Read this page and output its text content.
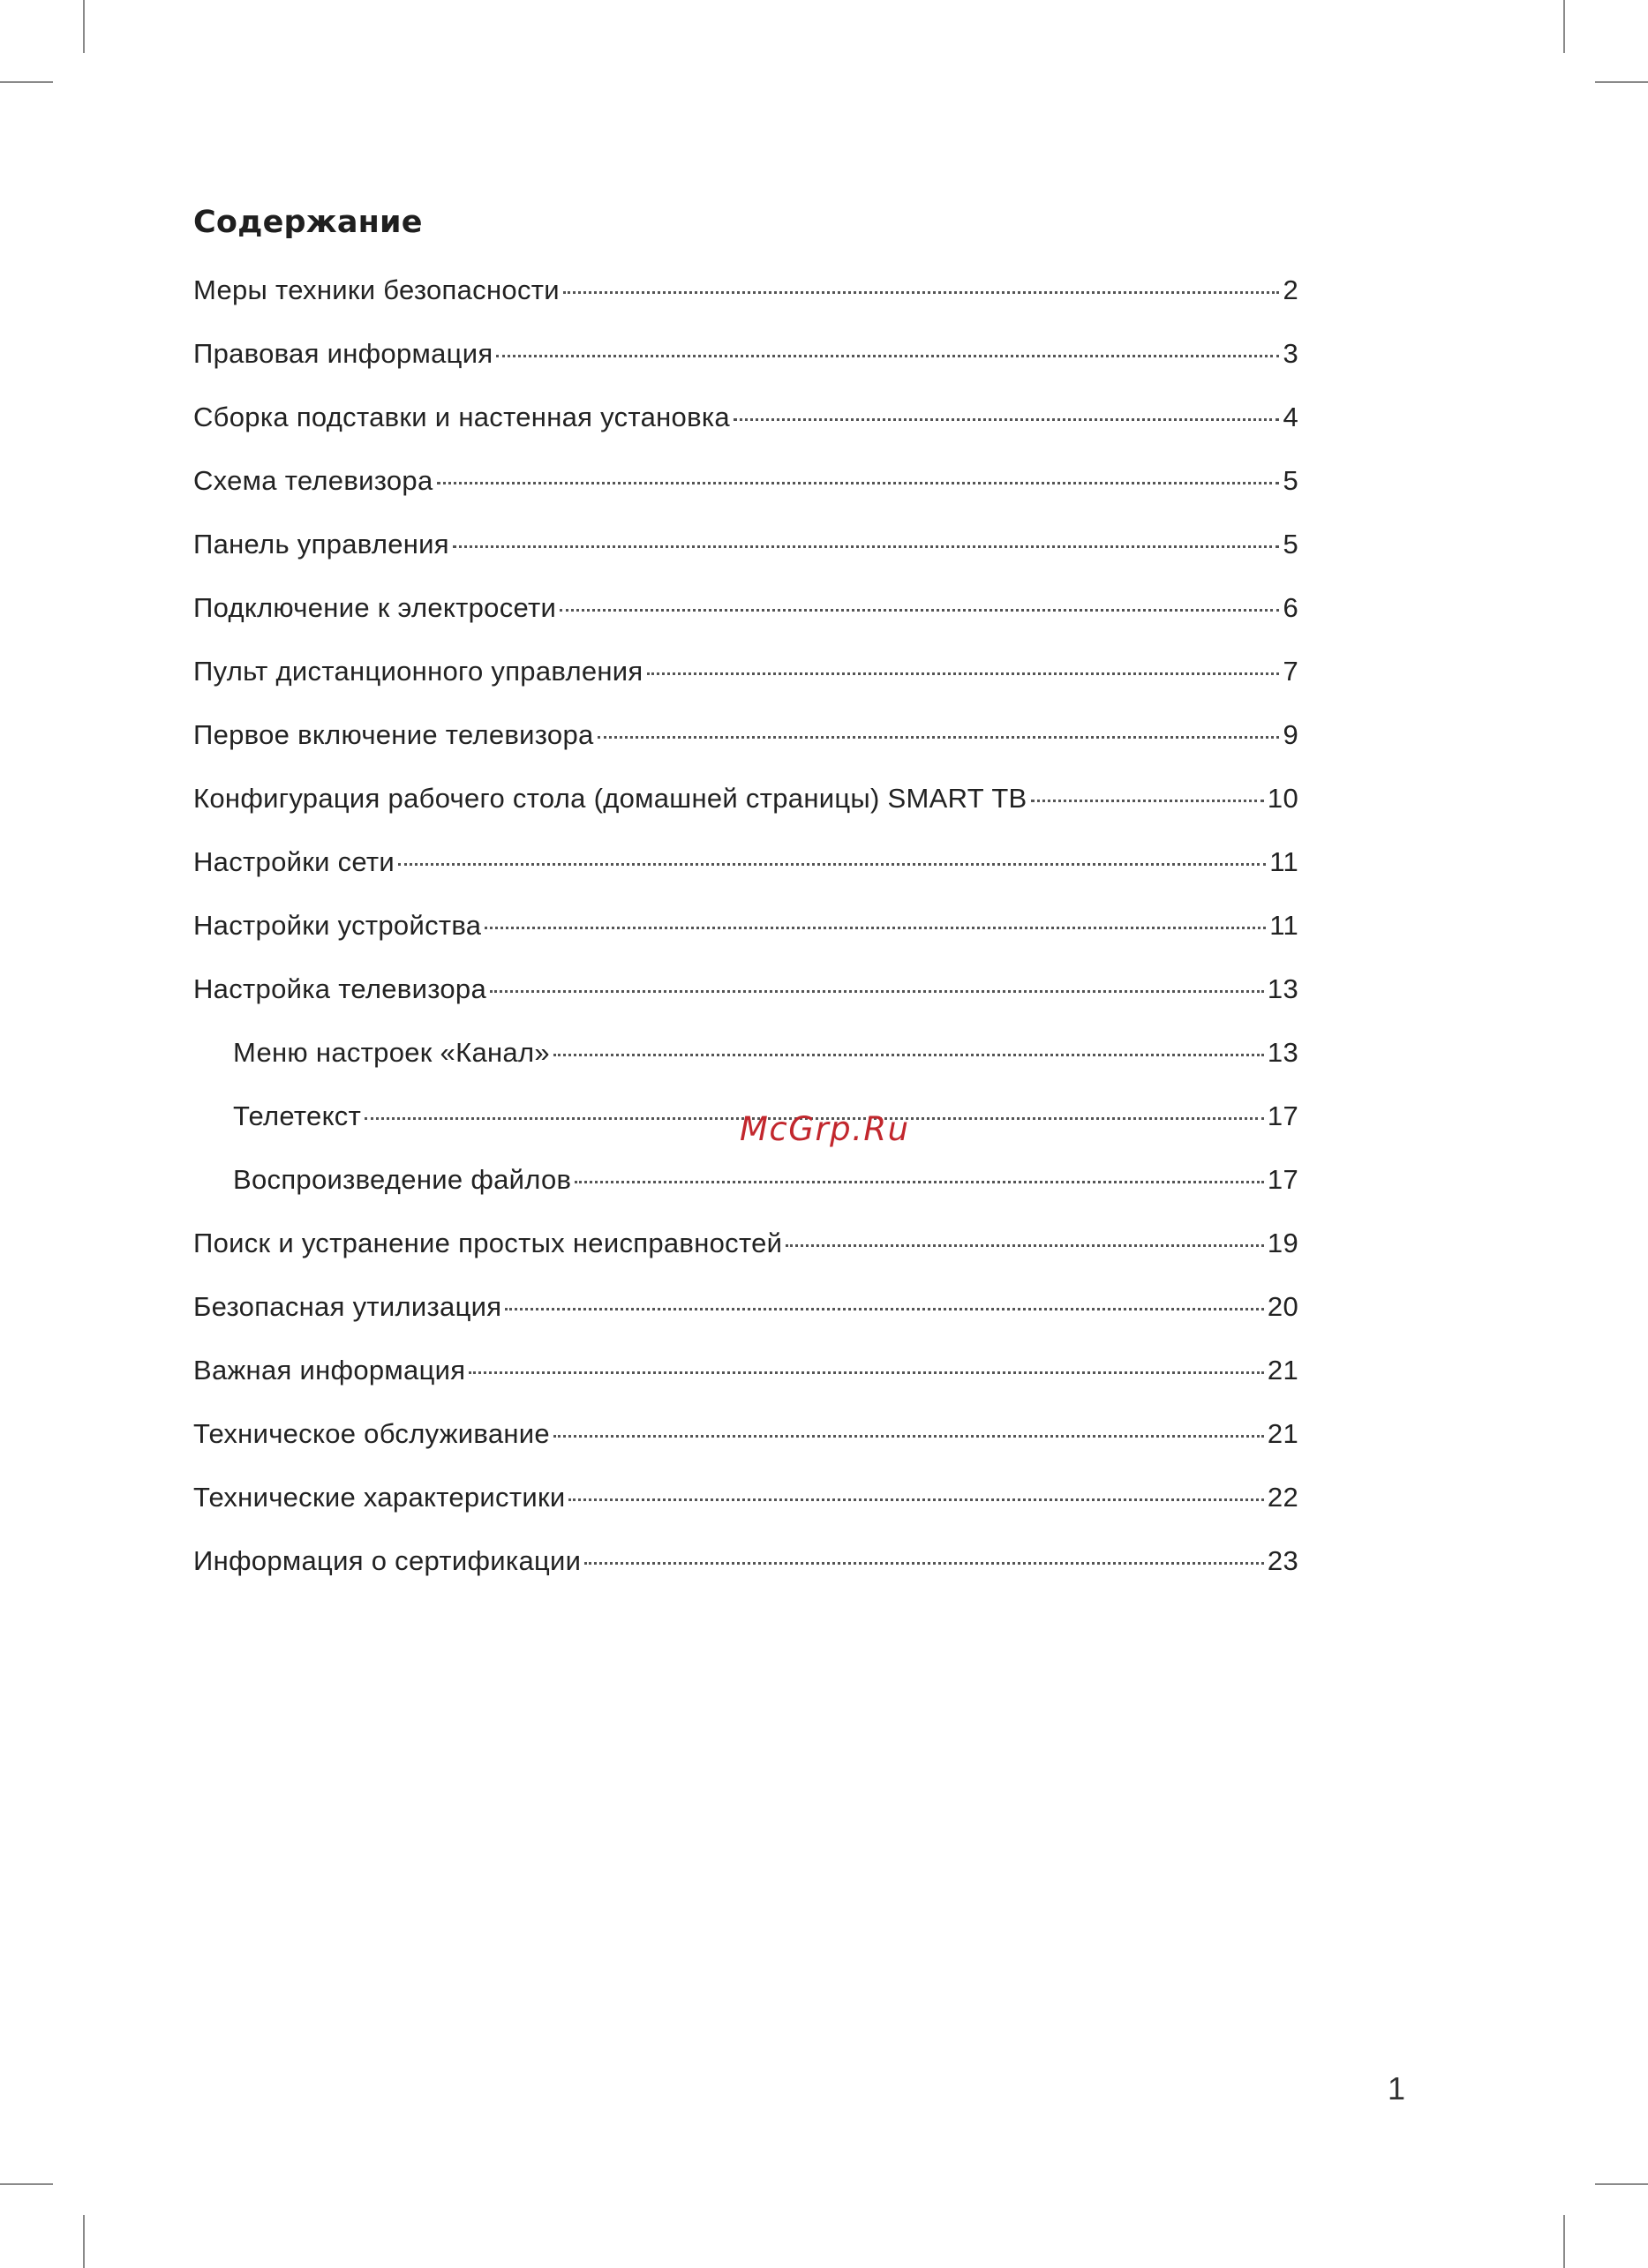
Содержание
Меры техники безопасности	2
Правовая информация	3
Сборка подставки и настенная установка	4
Схема телевизора	5
Панель управления	5
Подключение к электросети	6
Пульт дистанционного управления	7
Первое включение телевизора	9
Конфигурация рабочего стола (домашней страницы) SMART ТВ	10
Настройки сети	11
Настройки устройства	11
Настройка телевизора	13
Меню настроек «Канал»	13
Телетекст	17
Воспроизведение файлов	17
Поиск и устранение простых неисправностей	19
Безопасная утилизация	20
Важная информация	21
Техническое обслуживание	21
Технические характеристики	22
Информация о сертификации	23
McGrp.Ru
1
